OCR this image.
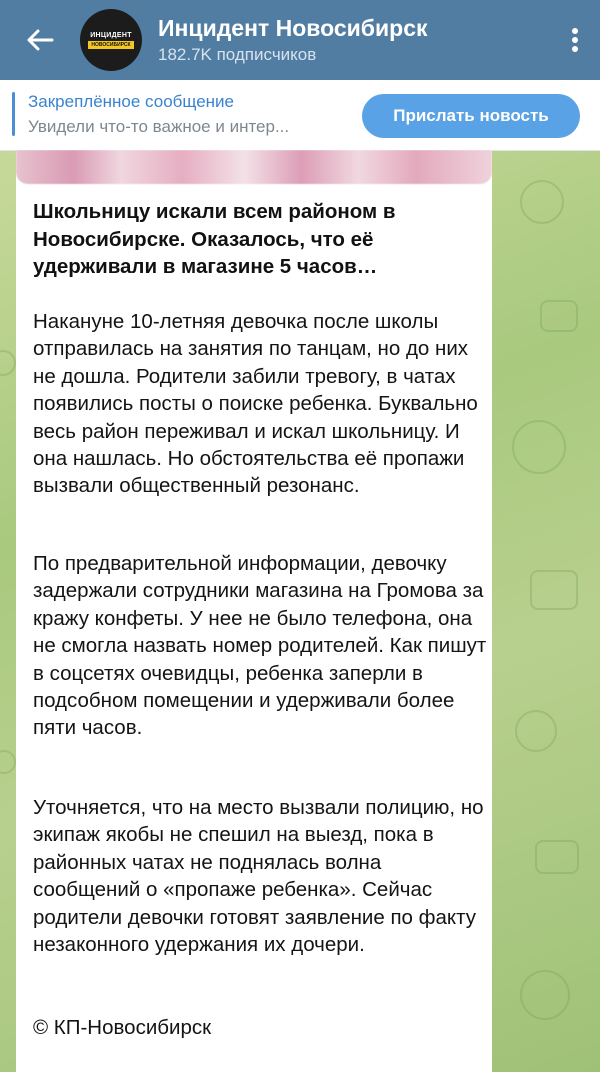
ИНЦИДЕНТ
НОВОСИБИРСК
Инцидент Новосибирск
182.7K подписчиков
Закреплённое сообщение
Увидели что-то важное и интер...
Прислать новость
Школьницу искали всем районом в Новосибирске. Оказалось, что её удерживали в магазине 5 часов…
Накануне 10-летняя девочка после школы отправилась на занятия по танцам, но до них не дошла. Родители забили тревогу, в чатах появились посты о поиске ребенка. Буквально весь район переживал и искал школьницу. И она нашлась. Но обстоятельства её пропажи вызвали общественный резонанс.
По предварительной информации, девочку задержали сотрудники магазина на Громова за кражу конфеты. У нее не было телефона, она не смогла назвать номер родителей. Как пишут в соцсетях очевидцы, ребенка заперли в подсобном помещении и удерживали более пяти часов.
Уточняется, что на место вызвали полицию, но экипаж якобы не спешил на выезд, пока в районных чатах не поднялась волна сообщений о «пропаже ребенка». Сейчас родители девочки готовят заявление по факту незаконного удержания их дочери.
© КП-Новосибирск
